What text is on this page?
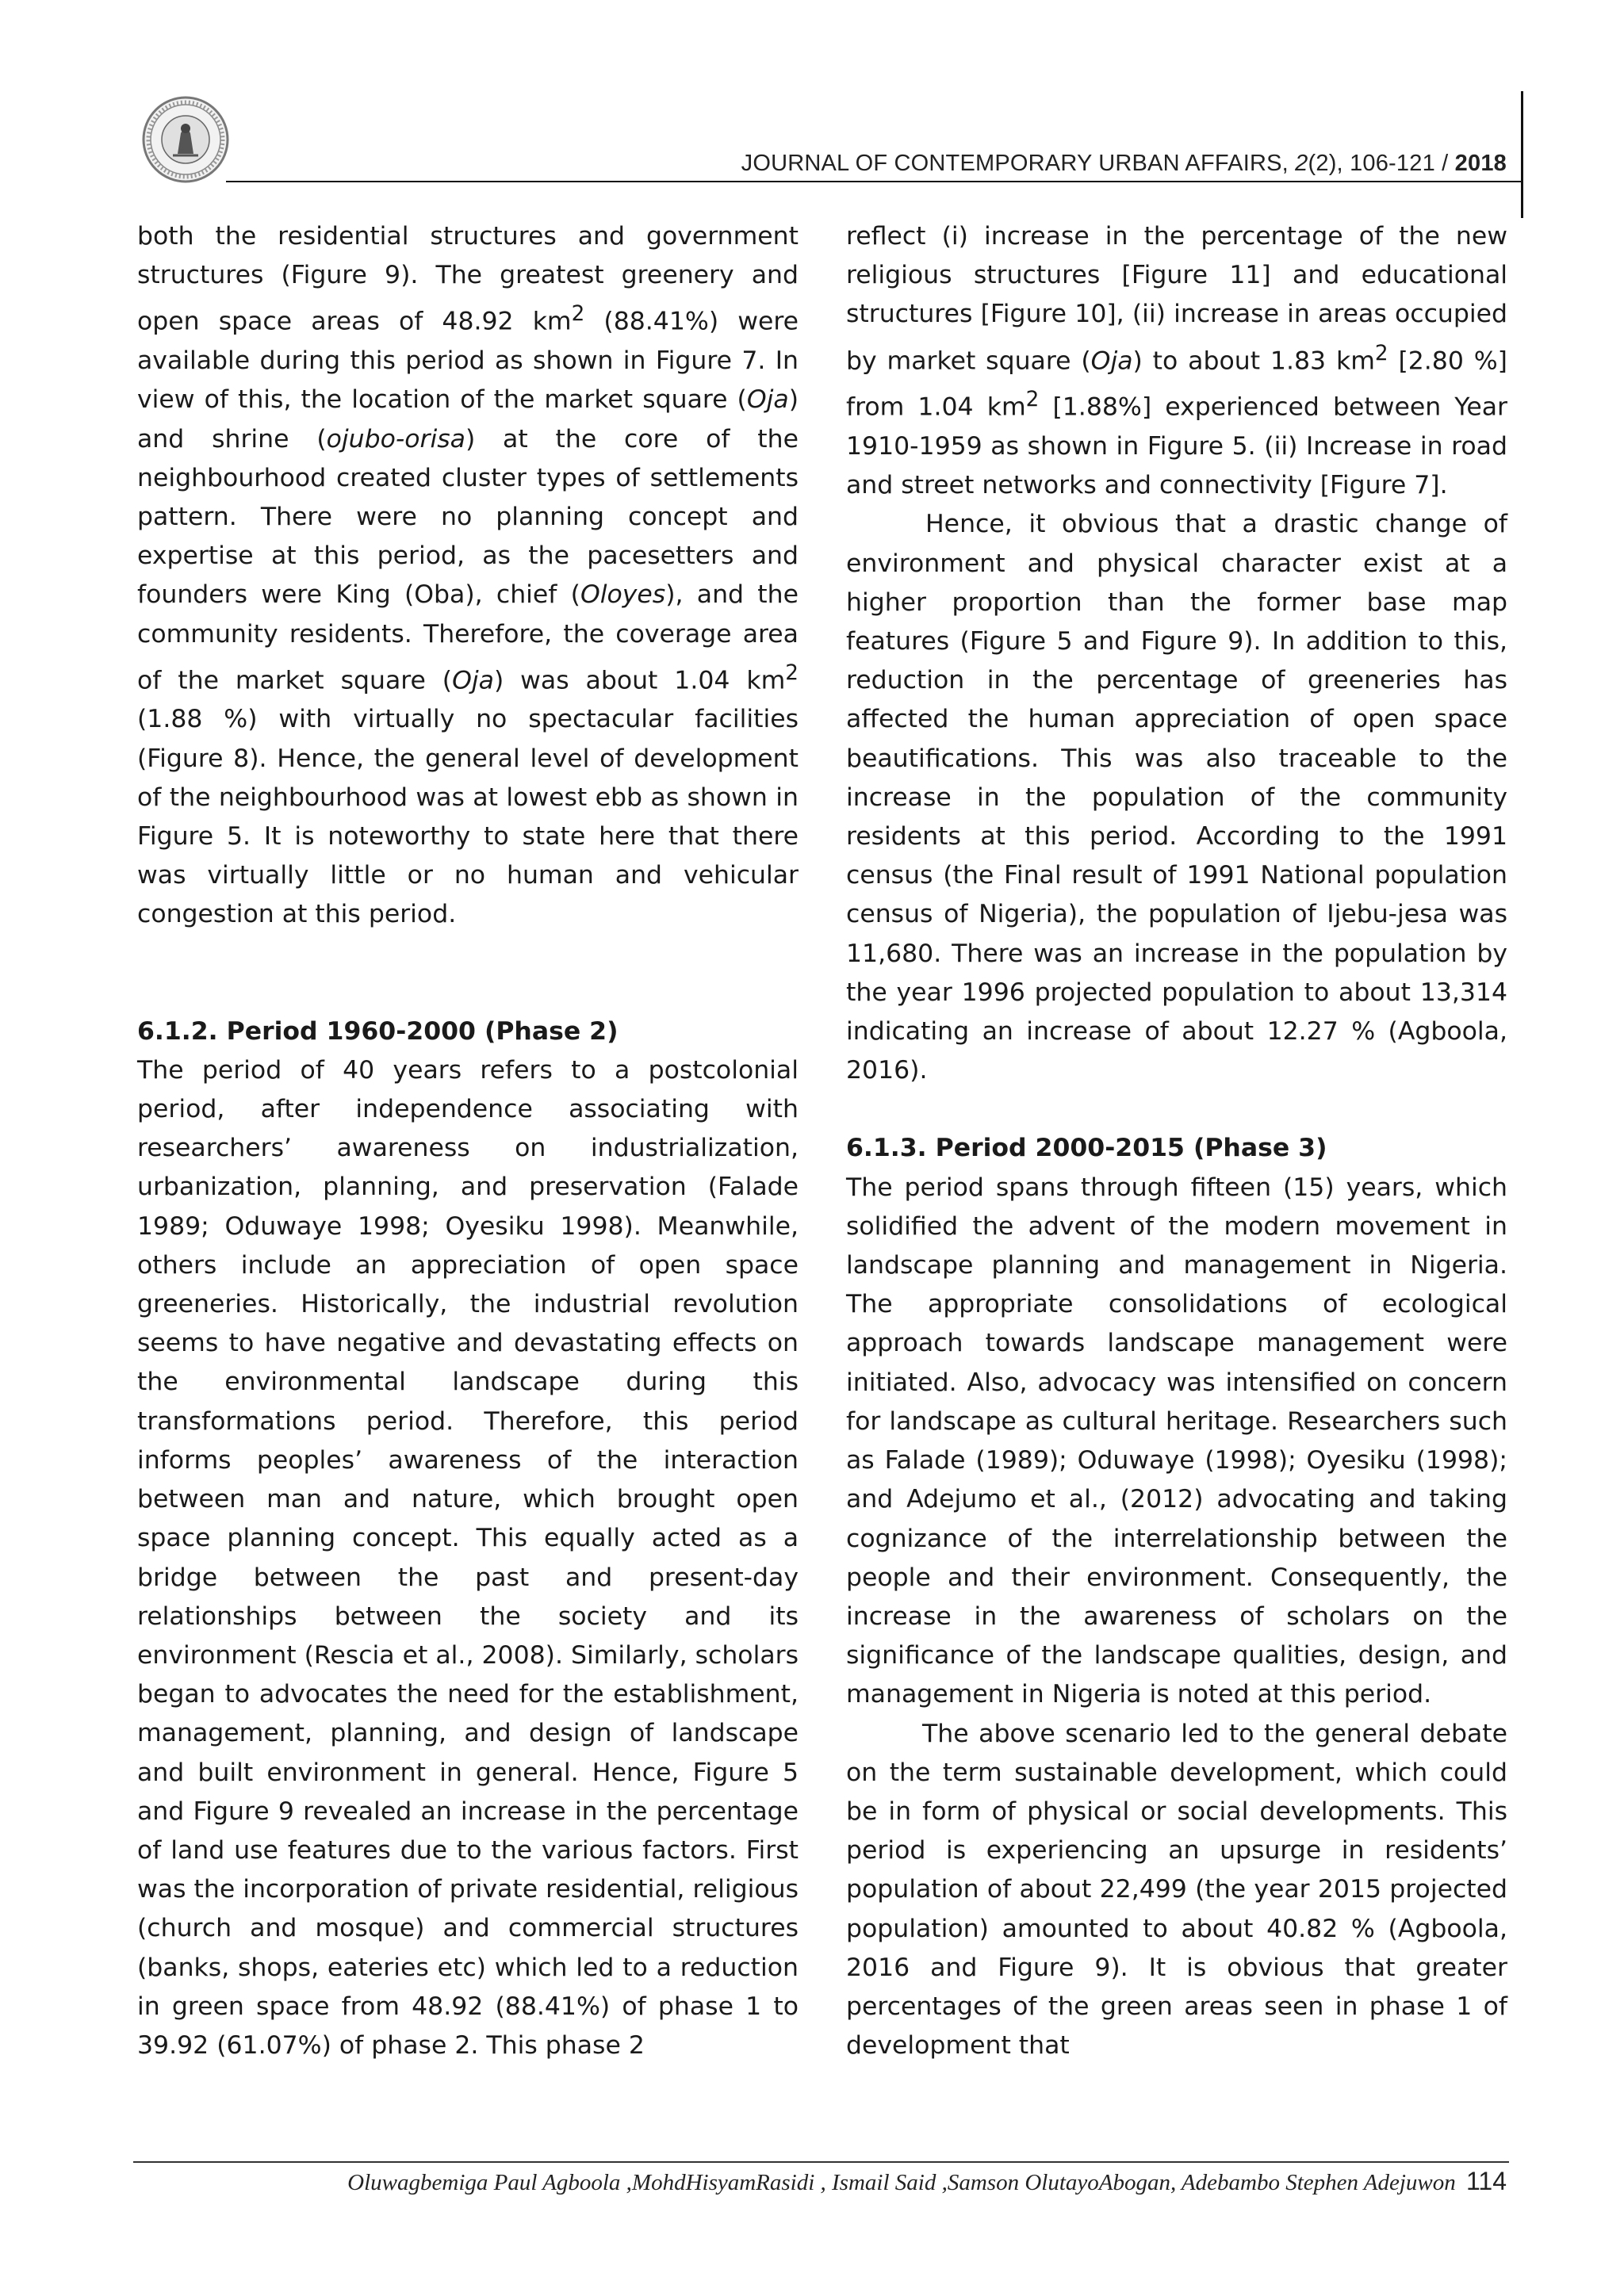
JOURNAL OF CONTEMPORARY URBAN AFFAIRS, 2(2), 106-121 / 2018

both the residential structures and government structures (Figure 9). The greatest greenery and open space areas of 48.92 $km^2$ (88.41%) were available during this period as shown in Figure 7. In view of this, the location of the market square (Oja) and shrine (ojubo-orisa) at the core of the neighbourhood created cluster types of settlements pattern. There were no planning concept and expertise at this period, as the pacesetters and founders were King (Oba), chief (Oloyes), and the community residents. Therefore, the coverage area of the market square (Oja) was about 1.04 $km^2$ (1.88 %) with virtually no spectacular facilities (Figure 8). Hence, the general level of development of the neighbourhood was at lowest ebb as shown in Figure 5. It is noteworthy to state here that there was virtually little or no human and vehicular congestion at this period.

6.1.2. Period 1960-2000 (Phase 2)

The period of 40 years refers to a postcolonial period, after independence associating with researchers’ awareness on industrialization, urbanization, planning, and preservation (Falade 1989; Oduwaye 1998; Oyesiku 1998). Meanwhile, others include an appreciation of open space greeneries. Historically, the industrial revolution seems to have negative and devastating effects on the environmental landscape during this transformations period. Therefore, this period informs peoples’ awareness of the interaction between man and nature, which brought open space planning concept. This equally acted as a bridge between the past and present-day relationships between the society and its environment (Rescia et al., 2008). Similarly, scholars began to advocates the need for the establishment, management, planning, and design of landscape and built environment in general. Hence, Figure 5 and Figure 9 revealed an increase in the percentage of land use features due to the various factors. First was the incorporation of private residential, religious (church and mosque) and commercial structures (banks, shops, eateries etc) which led to a reduction in green space from 48.92 (88.41%) of phase 1 to 39.92 (61.07%) of phase 2. This phase 2

reflect (i) increase in the percentage of the new religious structures [Figure 11] and educational structures [Figure 10], (ii) increase in areas occupied by market square (Oja) to about 1.83 $km^2$ [2.80 %] from 1.04 $km^2$ [1.88%] experienced between Year 1910-1959 as shown in Figure 5. (ii) Increase in road and street networks and connectivity [Figure 7].

Hence, it obvious that a drastic change of environment and physical character exist at a higher proportion than the former base map features (Figure 5 and Figure 9). In addition to this, reduction in the percentage of greeneries has affected the human appreciation of open space beautifications. This was also traceable to the increase in the population of the community residents at this period. According to the 1991 census (the Final result of 1991 National population census of Nigeria), the population of Ijebu-jesa was 11,680. There was an increase in the population by the year 1996 projected population to about 13,314 indicating an increase of about 12.27 % (Agboola, 2016).

6.1.3. Period 2000-2015 (Phase 3)

The period spans through fifteen (15) years, which solidified the advent of the modern movement in landscape planning and management in Nigeria. The appropriate consolidations of ecological approach towards landscape management were initiated. Also, advocacy was intensified on concern for landscape as cultural heritage. Researchers such as Falade (1989); Oduwaye (1998); Oyesiku (1998); and Adejumo et al., (2012) advocating and taking cognizance of the interrelationship between the people and their environment. Consequently, the increase in the awareness of scholars on the significance of the landscape qualities, design, and management in Nigeria is noted at this period.

The above scenario led to the general debate on the term sustainable development, which could be in form of physical or social developments. This period is experiencing an upsurge in residents’ population of about 22,499 (the year 2015 projected population) amounted to about 40.82 % (Agboola, 2016 and Figure 9). It is obvious that greater percentages of the green areas seen in phase 1 of development that

Oluwagbemiga Paul Agboola ,MohdHisyamRasidi , Ismail Said ,Samson OlutayoAbogan, Adebambo Stephen Adejuwon 114
